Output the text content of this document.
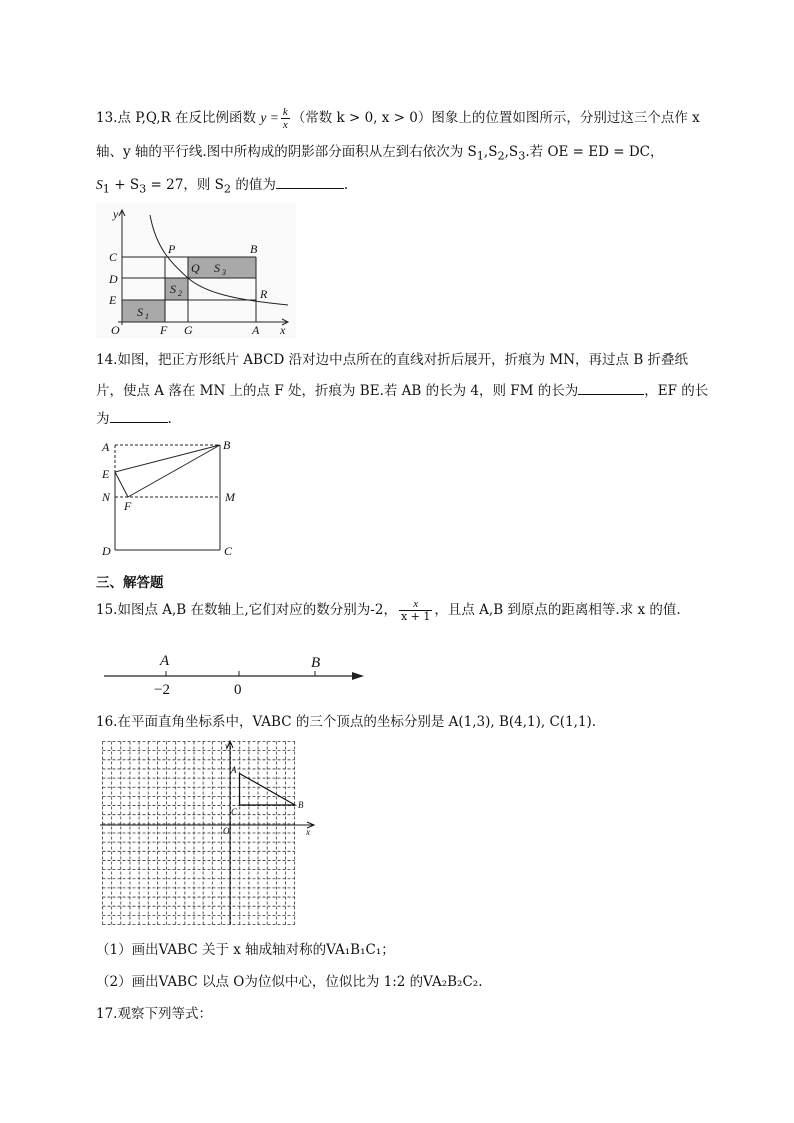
13.点 P,Q,R 在反比例函数 $y = \frac{k}{x}$ （常数 k > 0, x > 0）图象上的位置如图所示，分别过这三个点作 x
轴、y 轴的平行线.图中所构成的阴影部分面积从左到右依次为 $S_1,S_2,S_3$.若 OE = ED = DC，
$S_1 + S_3 = 27$，则 $S_2$ 的值为	.
y
C
D
E
O
P	B
Q S 3
S 2	R
S 1
F G	A x
14.如图，把正方形纸片 ABCD 沿对边中点所在的直线对折后展开，折痕为 MN，再过点 B 折叠纸
片，使点 A 落在 MN 上的点 F 处，折痕为 BE.若 AB 的长为 4，则 FM 的长为	，EF 的长
为	.
A	B
E
N	M
F
D	C
三、解答题
15.如图点 A,B 在数轴上,它们对应的数分别为-2， $\frac{x}{x + 1}$ ，且点 A,B 到原点的距离相等.求 x 的值.
A	B
−2	0
16.在平面直角坐标系中，VABC 的三个顶点的坐标分别是 A(1,3), B(4,1), C(1,1).
y
x
A
B
C
O
（1）画出VABC 关于 x 轴成轴对称的VA₁B₁C₁；
（2）画出VABC 以点 O为位似中心，位似比为 1:2 的VA₂B₂C₂.
17.观察下列等式：
